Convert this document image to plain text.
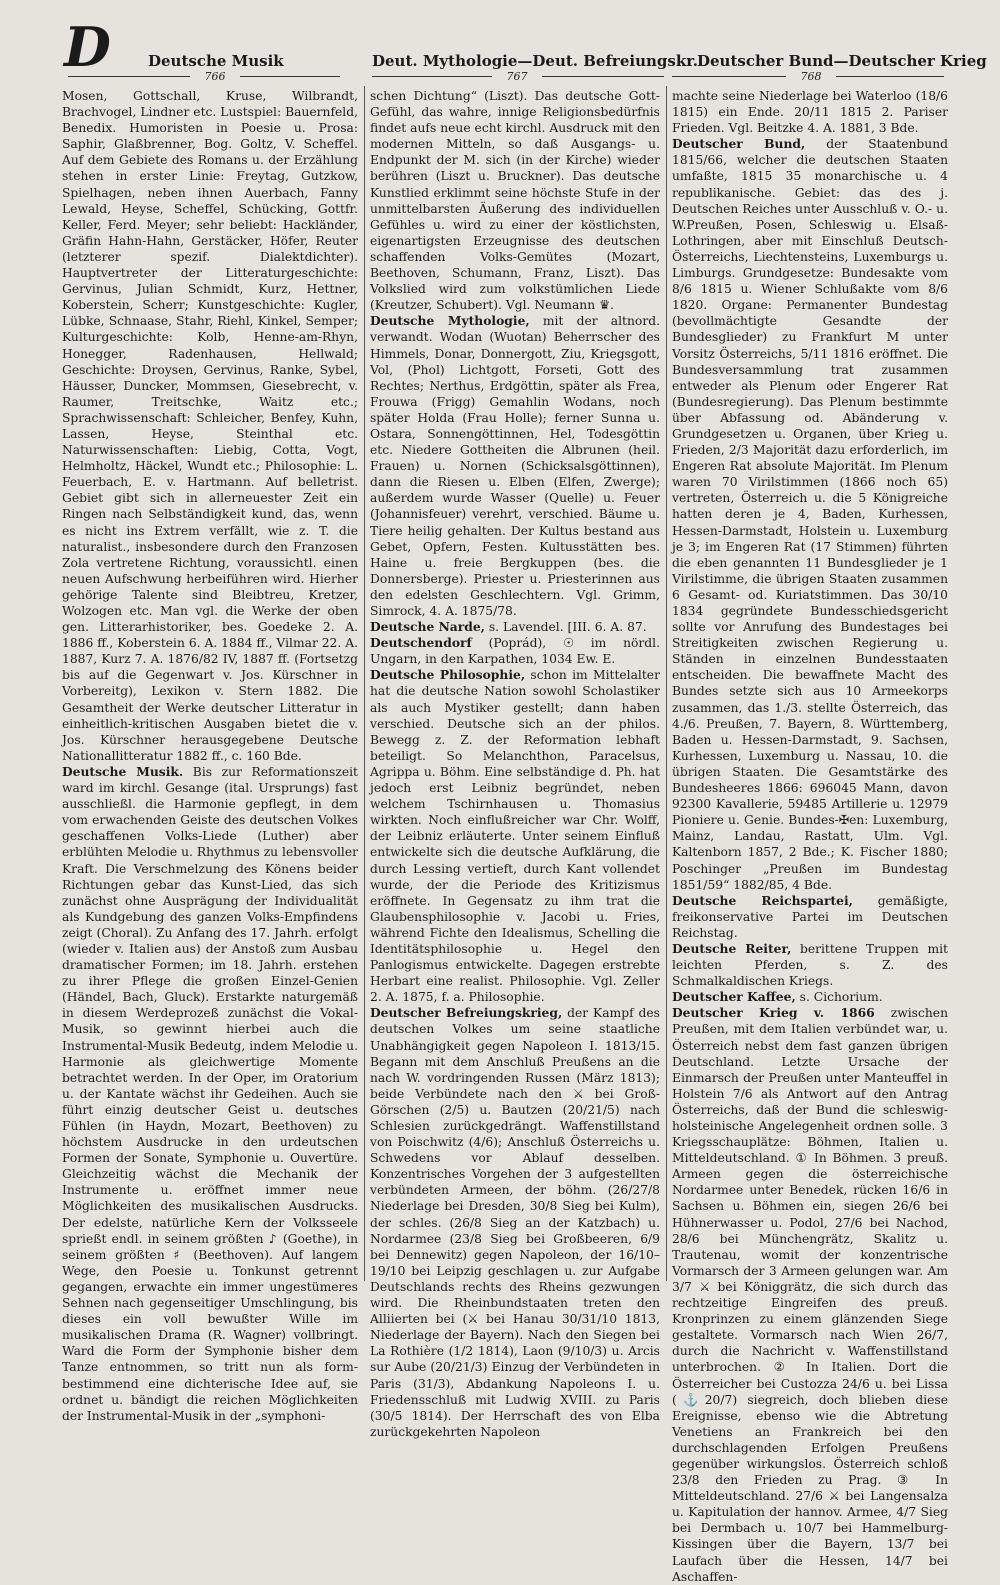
D Deutsche Musik	Deut. Mythologie—Deut. Befreiungskr. Deutscher Bund—Deutscher Krieg
766	767	768

Mosen, Gottschall, Kruse, Wilbrandt, Brachvogel, Lindner etc. Lustspiel: Bauernfeld, Benedix. Humoristen in Poesie u. Prosa: Saphir, Glaßbrenner, Bog. Goltz, V. Scheffel. Auf dem Gebiete des Romans u. der Erzählung stehen in erster Linie: Freytag, Gutzkow, Spielhagen, neben ihnen Auerbach, Fanny Lewald, Heyse, Scheffel, Schücking, Gottfr. Keller, Ferd. Meyer; sehr beliebt: Hackländer, Gräfin Hahn-Hahn, Gerstäcker, Höfer, Reuter (letzterer spezif. Dialektdichter). Hauptvertreter der Litteraturgeschichte: Gervinus, Julian Schmidt, Kurz, Hettner, Koberstein, Scherr; Kunstgeschichte: Kugler, Lübke, Schnaase, Stahr, Riehl, Kinkel, Semper; Kulturgeschichte: Kolb, Henne-am-Rhyn, Honegger, Radenhausen, Hellwald; Geschichte: Droysen, Gervinus, Ranke, Sybel, Häusser, Duncker, Mommsen, Giesebrecht, v. Raumer, Treitschke, Waitz etc.; Sprachwissenschaft: Schleicher, Benfey, Kuhn, Lassen, Heyse, Steinthal etc. Naturwissenschaften: Liebig, Cotta, Vogt, Helmholtz, Häckel, Wundt etc.; Philosophie: L. Feuerbach, E. v. Hartmann. Auf belletrist. Gebiet gibt sich in allerneuester Zeit ein Ringen nach Selbständigkeit kund, das, wenn es nicht ins Extrem verfällt, wie z. T. die naturalist., insbesondere durch den Franzosen Zola vertretene Richtung, voraussichtl. einen neuen Aufschwung herbeiführen wird. Hierher gehörige Talente sind Bleibtreu, Kretzer, Wolzogen etc. Man vgl. die Werke der oben gen. Litterarhistoriker, bes. Goedeke 2. A. 1886 ff., Koberstein 6. A. 1884 ff., Vilmar 22. A. 1887, Kurz 7. A. 1876/82 IV, 1887 ff. (Fortsetzg bis auf die Gegenwart v. Jos. Kürschner in Vorbereitg), Lexikon v. Stern 1882. Die Gesamtheit der Werke deutscher Litteratur in einheitlich-kritischen Ausgaben bietet die v. Jos. Kürschner herausgegebene Deutsche Nationallitteratur 1882 ff., c. 160 Bde.

Deutsche Musik. Bis zur Reformationszeit ward im kirchl. Gesange (ital. Ursprungs) fast ausschließl. die Harmonie gepflegt, in dem vom erwachenden Geiste des deutschen Volkes geschaffenen Volks-Liede (Luther) aber erblühten Melodie u. Rhythmus zu lebensvoller Kraft. Die Verschmelzung des Könens beider Richtungen gebar das Kunst-Lied, das sich zunächst ohne Ausprägung der Individualität als Kundgebung des ganzen Volks-Empfindens zeigt (Choral). Zu Anfang des 17. Jahrh. erfolgt (wieder v. Italien aus) der Anstoß zum Ausbau dramatischer Formen; im 18. Jahrh. erstehen zu ihrer Pflege die großen Einzel-Genien (Händel, Bach, Gluck). Erstarkte naturgemäß in diesem Werdeprozeß zunächst die Vokal-Musik, so gewinnt hierbei auch die Instrumental-Musik Bedeutg, indem Melodie u. Harmonie als gleichwertige Momente betrachtet werden. In der Oper, im Oratorium u. der Kantate wächst ihr Gedeihen. Auch sie führt einzig deutscher Geist u. deutsches Fühlen (in Haydn, Mozart, Beethoven) zu höchstem Ausdrucke in den urdeutschen Formen der Sonate, Symphonie u. Ouvertüre. Gleichzeitig wächst die Mechanik der Instrumente u. eröffnet immer neue Möglichkeiten des musikalischen Ausdrucks. Der edelste, natürliche Kern der Volksseele sprießt endl. in seinem größten ♪ (Goethe), in seinem größten ♯ (Beethoven). Auf langem Wege, den Poesie u. Tonkunst getrennt gegangen, erwachte ein immer ungestümeres Sehnen nach gegenseitiger Umschlingung, bis dieses ein voll bewußter Wille im musikalischen Drama (R. Wagner) vollbringt. Ward die Form der Symphonie bisher dem Tanze entnommen, so tritt nun als form-bestimmend eine dichterische Idee auf, sie ordnet u. bändigt die reichen Möglichkeiten der Instrumental-Musik in der „symphoni-

schen Dichtung“ (Liszt). Das deutsche Gott-Gefühl, das wahre, innige Religionsbedürfnis findet aufs neue echt kirchl. Ausdruck mit den modernen Mitteln, so daß Ausgangs- u. Endpunkt der M. sich (in der Kirche) wieder berühren (Liszt u. Bruckner). Das deutsche Kunstlied erklimmt seine höchste Stufe in der unmittelbarsten Äußerung des individuellen Gefühles u. wird zu einer der köstlichsten, eigenartigsten Erzeugnisse des deutschen schaffenden Volks-Gemütes (Mozart, Beethoven, Schumann, Franz, Liszt). Das Volkslied wird zum volkstümlichen Liede (Kreutzer, Schubert). Vgl. Neumann ♛.

Deutsche Mythologie, mit der altnord. verwandt. Wodan (Wuotan) Beherrscher des Himmels, Donar, Donnergott, Ziu, Kriegsgott, Vol, (Phol) Lichtgott, Forseti, Gott des Rechtes; Nerthus, Erdgöttin, später als Frea, Frouwa (Frigg) Gemahlin Wodans, noch später Holda (Frau Holle); ferner Sunna u. Ostara, Sonnengöttinnen, Hel, Todesgöttin etc. Niedere Gottheiten die Albrunen (heil. Frauen) u. Nornen (Schicksalsgöttinnen), dann die Riesen u. Elben (Elfen, Zwerge); außerdem wurde Wasser (Quelle) u. Feuer (Johannisfeuer) verehrt, verschied. Bäume u. Tiere heilig gehalten. Der Kultus bestand aus Gebet, Opfern, Festen. Kultusstätten bes. Haine u. freie Bergkuppen (bes. die Donnersberge). Priester u. Priesterinnen aus den edelsten Geschlechtern. Vgl. Grimm, Simrock, 4. A. 1875/78.

Deutsche Narde, s. Lavendel. [III. 6. A. 87.

Deutschendorf (Poprád), ☉ im nördl. Ungarn, in den Karpathen, 1034 Ew. E.

Deutsche Philosophie, schon im Mittelalter hat die deutsche Nation sowohl Scholastiker als auch Mystiker gestellt; dann haben verschied. Deutsche sich an der philos. Bewegg z. Z. der Reformation lebhaft beteiligt. So Melanchthon, Paracelsus, Agrippa u. Böhm. Eine selbständige d. Ph. hat jedoch erst Leibniz begründet, neben welchem Tschirnhausen u. Thomasius wirkten. Noch einflußreicher war Chr. Wolff, der Leibniz erläuterte. Unter seinem Einfluß entwickelte sich die deutsche Aufklärung, die durch Lessing vertieft, durch Kant vollendet wurde, der die Periode des Kritizismus eröffnete. In Gegensatz zu ihm trat die Glaubensphilosophie v. Jacobi u. Fries, während Fichte den Idealismus, Schelling die Identitätsphilosophie u. Hegel den Panlogismus entwickelte. Dagegen erstrebte Herbart eine realist. Philosophie. Vgl. Zeller 2. A. 1875, f. a. Philosophie.

Deutscher Befreiungskrieg, der Kampf des deutschen Volkes um seine staatliche Unabhängigkeit gegen Napoleon I. 1813/15. Begann mit dem Anschluß Preußens an die nach W. vordringenden Russen (März 1813); beide Verbündete nach den ⚔ bei Groß-Görschen (2/5) u. Bautzen (20/21/5) nach Schlesien zurückgedrängt. Waffenstillstand von Poischwitz (4/6); Anschluß Österreichs u. Schwedens vor Ablauf desselben. Konzentrisches Vorgehen der 3 aufgestellten verbündeten Armeen, der böhm. (26/27/8 Niederlage bei Dresden, 30/8 Sieg bei Kulm), der schles. (26/8 Sieg an der Katzbach) u. Nordarmee (23/8 Sieg bei Großbeeren, 6/9 bei Dennewitz) gegen Napoleon, der 16/10–19/10 bei Leipzig geschlagen u. zur Aufgabe Deutschlands rechts des Rheins gezwungen wird. Die Rheinbundstaaten treten den Alliierten bei (⚔ bei Hanau 30/31/10 1813, Niederlage der Bayern). Nach den Siegen bei La Rothière (1/2 1814), Laon (9/10/3) u. Arcis sur Aube (20/21/3) Einzug der Verbündeten in Paris (31/3), Abdankung Napoleons I. u. Friedensschluß mit Ludwig XVIII. zu Paris (30/5 1814). Der Herrschaft des von Elba zurückgekehrten Napoleon

machte seine Niederlage bei Waterloo (18/6 1815) ein Ende. 20/11 1815 2. Pariser Frieden. Vgl. Beitzke 4. A. 1881, 3 Bde.

Deutscher Bund, der Staatenbund 1815/66, welcher die deutschen Staaten umfaßte, 1815 35 monarchische u. 4 republikanische. Gebiet: das des j. Deutschen Reiches unter Ausschluß v. O.- u. W.Preußen, Posen, Schleswig u. Elsaß-Lothringen, aber mit Einschluß Deutsch-Österreichs, Liechtensteins, Luxemburgs u. Limburgs. Grundgesetze: Bundesakte vom 8/6 1815 u. Wiener Schlußakte vom 8/6 1820. Organe: Permanenter Bundestag (bevollmächtigte Gesandte der Bundesglieder) zu Frankfurt M unter Vorsitz Österreichs, 5/11 1816 eröffnet. Die Bundesversammlung trat zusammen entweder als Plenum oder Engerer Rat (Bundesregierung). Das Plenum bestimmte über Abfassung od. Abänderung v. Grundgesetzen u. Organen, über Krieg u. Frieden, 2/3 Majorität dazu erforderlich, im Engeren Rat absolute Majorität. Im Plenum waren 70 Virilstimmen (1866 noch 65) vertreten, Österreich u. die 5 Königreiche hatten deren je 4, Baden, Kurhessen, Hessen-Darmstadt, Holstein u. Luxemburg je 3; im Engeren Rat (17 Stimmen) führten die eben genannten 11 Bundesglieder je 1 Virilstimme, die übrigen Staaten zusammen 6 Gesamt- od. Kuriatstimmen. Das 30/10 1834 gegründete Bundesschiedsgericht sollte vor Anrufung des Bundestages bei Streitigkeiten zwischen Regierung u. Ständen in einzelnen Bundesstaaten entscheiden. Die bewaffnete Macht des Bundes setzte sich aus 10 Armeekorps zusammen, das 1./3. stellte Österreich, das 4./6. Preußen, 7. Bayern, 8. Württemberg, Baden u. Hessen-Darmstadt, 9. Sachsen, Kurhessen, Luxemburg u. Nassau, 10. die übrigen Staaten. Die Gesamtstärke des Bundesheeres 1866: 696045 Mann, davon 92300 Kavallerie, 59485 Artillerie u. 12979 Pioniere u. Genie. Bundes-✠en: Luxemburg, Mainz, Landau, Rastatt, Ulm. Vgl. Kaltenborn 1857, 2 Bde.; K. Fischer 1880; Poschinger „Preußen im Bundestag 1851/59“ 1882/85, 4 Bde.

Deutsche Reichspartei, gemäßigte, freikonservative Partei im Deutschen Reichstag.

Deutsche Reiter, berittene Truppen mit leichten Pferden, s. Z. des Schmalkaldischen Kriegs.

Deutscher Kaffee, s. Cichorium.

Deutscher Krieg v. 1866 zwischen Preußen, mit dem Italien verbündet war, u. Österreich nebst dem fast ganzen übrigen Deutschland. Letzte Ursache der Einmarsch der Preußen unter Manteuffel in Holstein 7/6 als Antwort auf den Antrag Österreichs, daß der Bund die schleswig-holsteinische Angelegenheit ordnen solle. 3 Kriegsschauplätze: Böhmen, Italien u. Mitteldeutschland. ① In Böhmen. 3 preuß. Armeen gegen die österreichische Nordarmee unter Benedek, rücken 16/6 in Sachsen u. Böhmen ein, siegen 26/6 bei Hühnerwasser u. Podol, 27/6 bei Nachod, 28/6 bei Münchengrätz, Skalitz u. Trautenau, womit der konzentrische Vormarsch der 3 Armeen gelungen war. Am 3/7 ⚔ bei Königgrätz, die sich durch das rechtzeitige Eingreifen des preuß. Kronprinzen zu einem glänzenden Siege gestaltete. Vormarsch nach Wien 26/7, durch die Nachricht v. Waffenstillstand unterbrochen. ② In Italien. Dort die Österreicher bei Custozza 24/6 u. bei Lissa (⚓20/7) siegreich, doch blieben diese Ereignisse, ebenso wie die Abtretung Venetiens an Frankreich bei den durchschlagenden Erfolgen Preußens gegenüber wirkungslos. Österreich schloß 23/8 den Frieden zu Prag. ③ In Mitteldeutschland. 27/6 ⚔ bei Langensalza u. Kapitulation der hannov. Armee, 4/7 Sieg bei Dermbach u. 10/7 bei Hammelburg-Kissingen über die Bayern, 13/7 bei Laufach über die Hessen, 14/7 bei Aschaffen-
